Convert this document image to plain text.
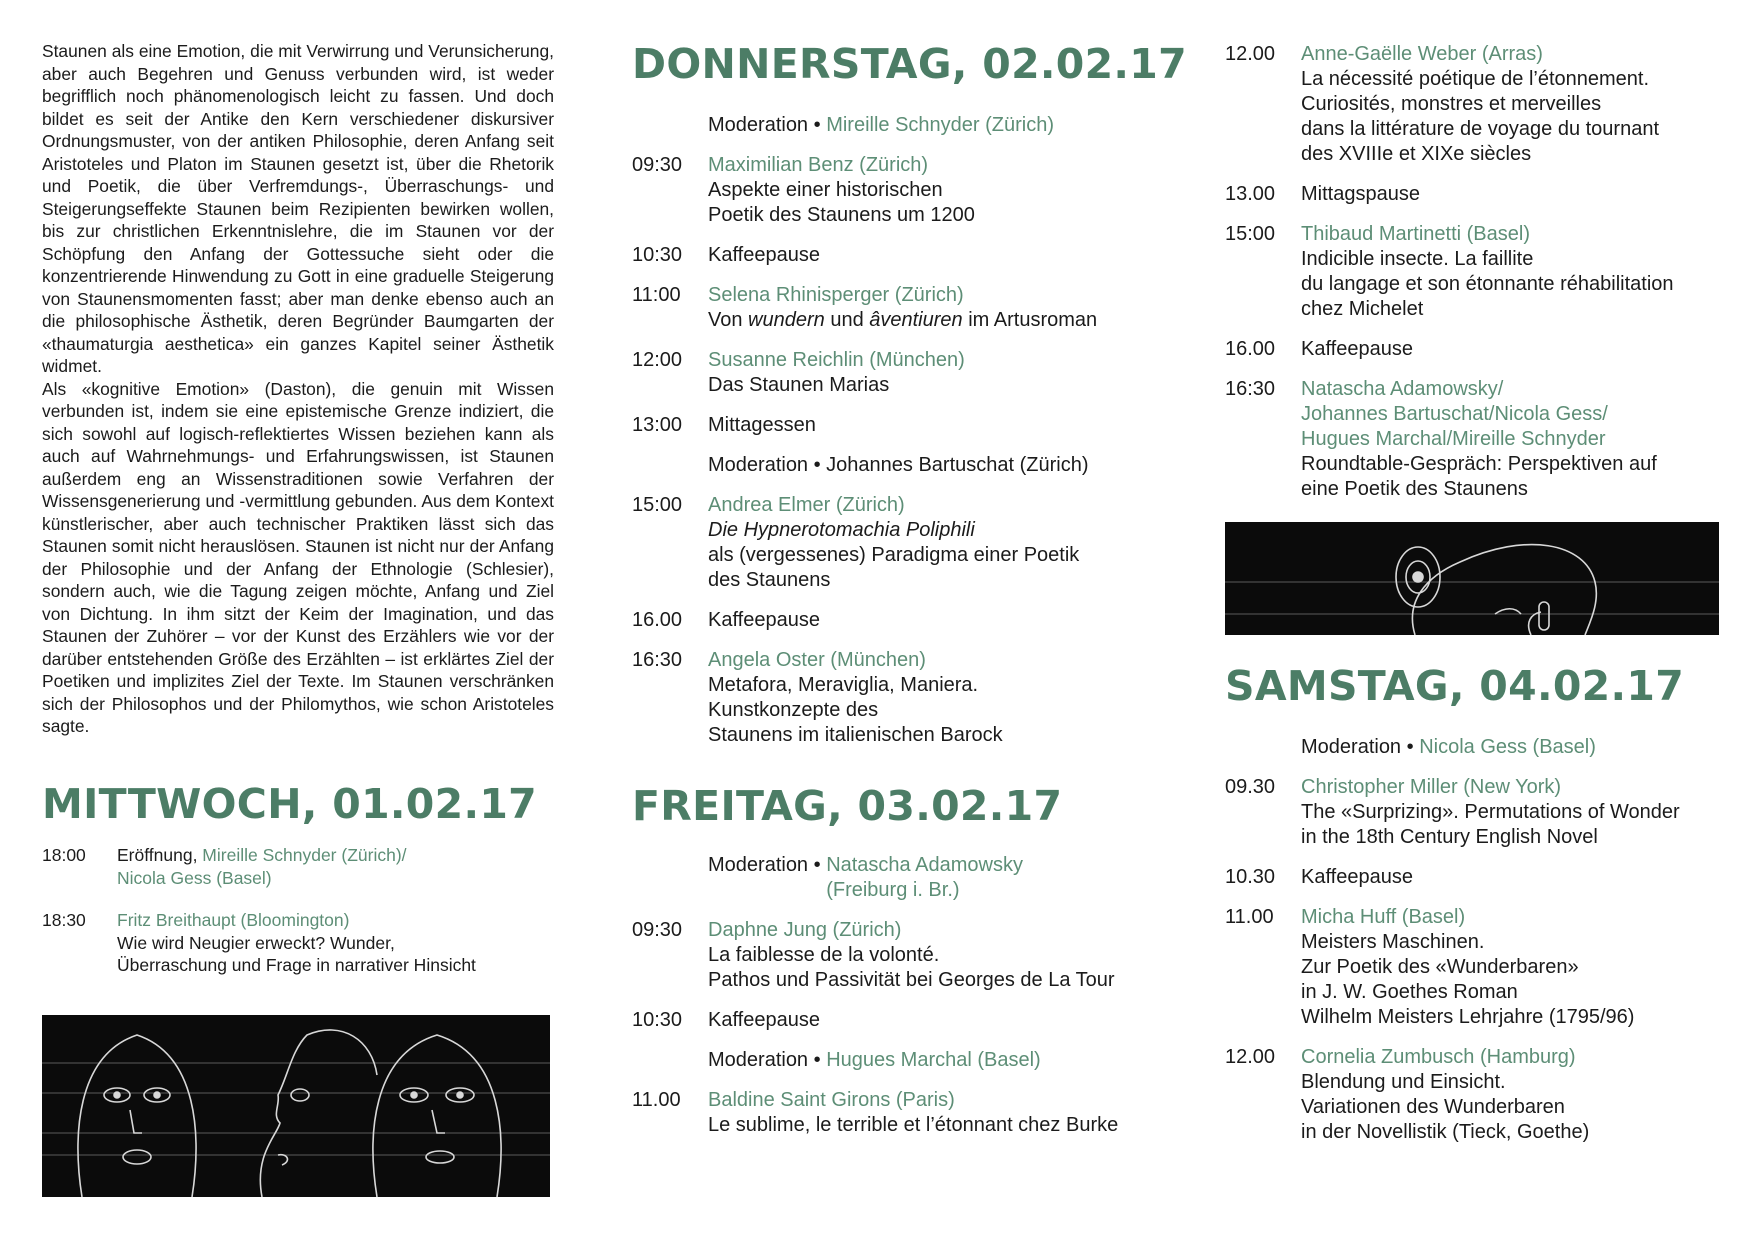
Staunen als eine Emotion, die mit Verwirrung und Verunsicherung, aber auch Begehren und Genuss verbunden wird, ist weder begrifflich noch phänomenologisch leicht zu fassen. Und doch bildet es seit der Antike den Kern verschiedener diskursiver Ordnungsmuster, von der antiken Philosophie, deren Anfang seit Aristoteles und Platon im Staunen gesetzt ist, über die Rhetorik und Poetik, die über Verfremdungs-, Überraschungs- und Steigerungseffekte Staunen beim Rezipienten bewirken wollen, bis zur christlichen Erkenntnislehre, die im Staunen vor der Schöpfung den Anfang der Gottessuche sieht oder die konzentrierende Hinwendung zu Gott in eine graduelle Steigerung von Staunensmomenten fasst; aber man denke ebenso auch an die philosophische Ästhetik, deren Begründer Baumgarten der «thaumaturgia aesthetica» ein ganzes Kapitel seiner Ästhetik widmet.

Als «kognitive Emotion» (Daston), die genuin mit Wissen verbunden ist, indem sie eine epistemische Grenze indiziert, die sich sowohl auf logisch-reflektiertes Wissen beziehen kann als auch auf Wahrnehmungs- und Erfahrungswissen, ist Staunen außerdem eng an Wissenstraditionen sowie Verfahren der Wissensgenerierung und -vermittlung gebunden. Aus dem Kontext künstlerischer, aber auch technischer Praktiken lässt sich das Staunen somit nicht herauslösen. Staunen ist nicht nur der Anfang der Philosophie und der Anfang der Ethnologie (Schlesier), sondern auch, wie die Tagung zeigen möchte, Anfang und Ziel von Dichtung. In ihm sitzt der Keim der Imagination, und das Staunen der Zuhörer – vor der Kunst des Erzählers wie vor der darüber entstehenden Größe des Erzählten – ist erklärtes Ziel der Poetiken und implizites Ziel der Texte. Im Staunen verschränken sich der Philosophos und der Philomythos, wie schon Aristoteles sagte.

MITTWOCH, 01.02.17
18:00	Eröffnung, Mireille Schnyder (Zürich)/
Nicola Gess (Basel)
18:30	Fritz Breithaupt (Bloomington)
Wie wird Neugier erweckt? Wunder,
Überraschung und Frage in narrativer Hinsicht
DONNERSTAG, 02.02.17
Moderation • Mireille Schnyder (Zürich)
09:30	Maximilian Benz (Zürich)
Aspekte einer historischen
Poetik des Staunens um 1200
10:30	Kaffeepause
11:00	Selena Rhinisperger (Zürich)
Von wundern und âventiuren im Artusroman
12:00	Susanne Reichlin (München)
Das Staunen Marias
13:00	Mittagessen
Moderation • Johannes Bartuschat (Zürich)
15:00	Andrea Elmer (Zürich)
Die Hypnerotomachia Poliphili
als (vergessenes) Paradigma einer Poetik
des Staunens
16.00	Kaffeepause
16:30	Angela Oster (München)
Metafora, Meraviglia, Maniera.
Kunstkonzepte des
Staunens im italienischen Barock
FREITAG, 03.02.17
Moderation • Natascha Adamowsky
(Freiburg i. Br.)
09:30	Daphne Jung (Zürich)
La faiblesse de la volonté.
Pathos und Passivität bei Georges de La Tour
10:30	Kaffeepause
Moderation • Hugues Marchal (Basel)
11.00	Baldine Saint Girons (Paris)
Le sublime, le terrible et l’étonnant chez Burke
12.00	Anne-Gaëlle Weber (Arras)
La nécessité poétique de l’étonnement.
Curiosités, monstres et merveilles
dans la littérature de voyage du tournant
des XVIIIe et XIXe siècles
13.00	Mittagspause
15:00	Thibaud Martinetti (Basel)
Indicible insecte. La faillite
du langage et son étonnante réhabilitation
chez Michelet
16.00	Kaffeepause
16:30	Natascha Adamowsky/
Johannes Bartuschat/Nicola Gess/
Hugues Marchal/Mireille Schnyder
Roundtable-Gespräch: Perspektiven auf
eine Poetik des Staunens
SAMSTAG, 04.02.17
Moderation • Nicola Gess (Basel)
09.30	Christopher Miller (New York)
The «Surprizing». Permutations of Wonder
in the 18th Century English Novel
10.30	Kaffeepause
11.00	Micha Huff (Basel)
Meisters Maschinen.
Zur Poetik des «Wunderbaren»
in J. W. Goethes Roman
Wilhelm Meisters Lehrjahre (1795/96)
12.00	Cornelia Zumbusch (Hamburg)
Blendung und Einsicht.
Variationen des Wunderbaren
in der Novellistik (Tieck, Goethe)
